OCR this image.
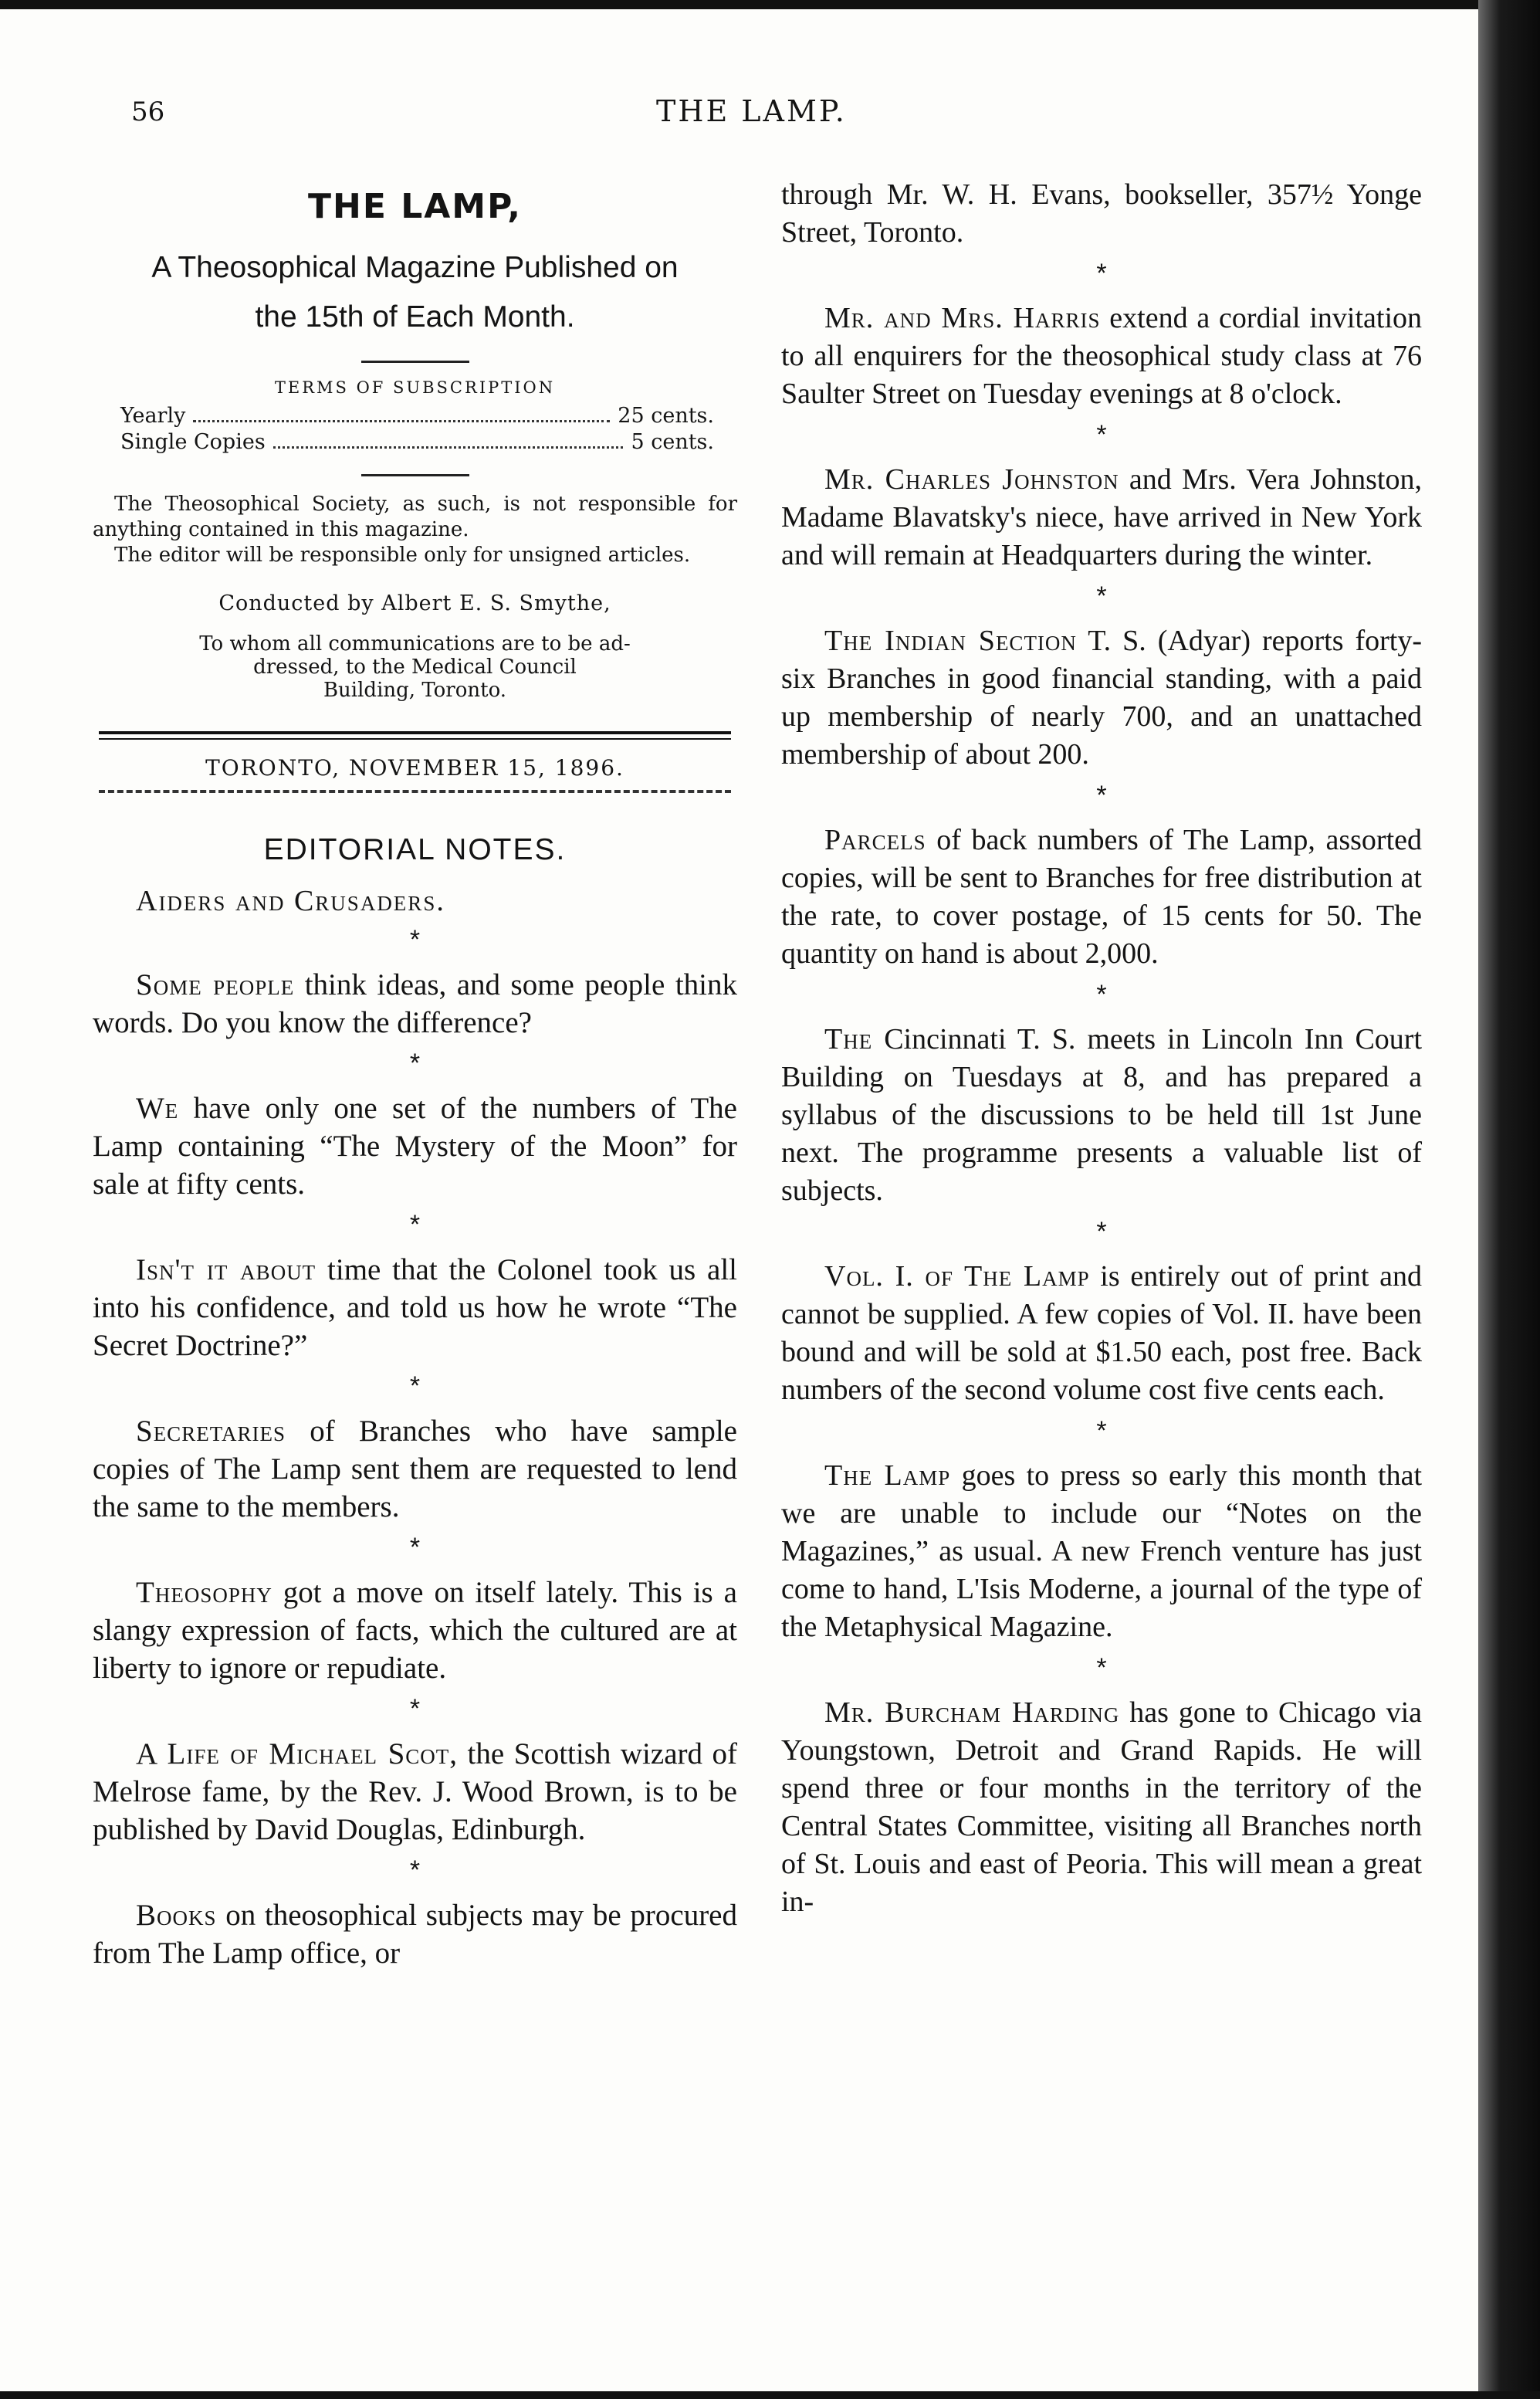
56	THE LAMP.
THE LAMP,

A Theosophical Magazine Published on

the 15th of Each Month.

TERMS OF SUBSCRIPTION
Yearly	25 cents.
Single Copies	5 cents.

The Theosophical Society, as such, is not responsible for anything contained in this magazine.

The editor will be responsible only for unsigned articles.

Conducted by Albert E. S. Smythe,

To whom all communications are to be ad-

dressed, to the Medical Council

Building, Toronto.

TORONTO, NOVEMBER 15, 1896.
EDITORIAL NOTES.
Aiders and Crusaders.
*

Some people think ideas, and some people think words. Do you know the difference?

*

We have only one set of the numbers of The Lamp containing “The Mystery of the Moon” for sale at fifty cents.

*

Isn't it about time that the Colonel took us all into his confidence, and told us how he wrote “The Secret Doctrine?”

*

Secretaries of Branches who have sample copies of The Lamp sent them are requested to lend the same to the members.

*

Theosophy got a move on itself lately. This is a slangy expression of facts, which the cultured are at liberty to ignore or repudiate.

*

A Life of Michael Scot, the Scottish wizard of Melrose fame, by the Rev. J. Wood Brown, is to be published by David Douglas, Edinburgh.

*

Books on theosophical subjects may be procured from The Lamp office, or

through Mr. W. H. Evans, bookseller, 357½ Yonge Street, Toronto.

*

Mr. and Mrs. Harris extend a cordial invitation to all enquirers for the theosophical study class at 76 Saulter Street on Tuesday evenings at 8 o'clock.

*

Mr. Charles Johnston and Mrs. Vera Johnston, Madame Blavatsky's niece, have arrived in New York and will remain at Headquarters during the winter.

*

The Indian Section T. S. (Adyar) reports forty-six Branches in good financial standing, with a paid up membership of nearly 700, and an unattached membership of about 200.

*

Parcels of back numbers of The Lamp, assorted copies, will be sent to Branches for free distribution at the rate, to cover postage, of 15 cents for 50. The quantity on hand is about 2,000.

*

The Cincinnati T. S. meets in Lincoln Inn Court Building on Tuesdays at 8, and has prepared a syllabus of the discussions to be held till 1st June next. The programme presents a valuable list of subjects.

*

Vol. I. of The Lamp is entirely out of print and cannot be supplied. A few copies of Vol. II. have been bound and will be sold at $1.50 each, post free. Back numbers of the second volume cost five cents each.

*

The Lamp goes to press so early this month that we are unable to include our “Notes on the Magazines,” as usual. A new French venture has just come to hand, L'Isis Moderne, a journal of the type of the Metaphysical Magazine.

*

Mr. Burcham Harding has gone to Chicago via Youngstown, Detroit and Grand Rapids. He will spend three or four months in the territory of the Central States Committee, visiting all Branches north of St. Louis and east of Peoria. This will mean a great in-
